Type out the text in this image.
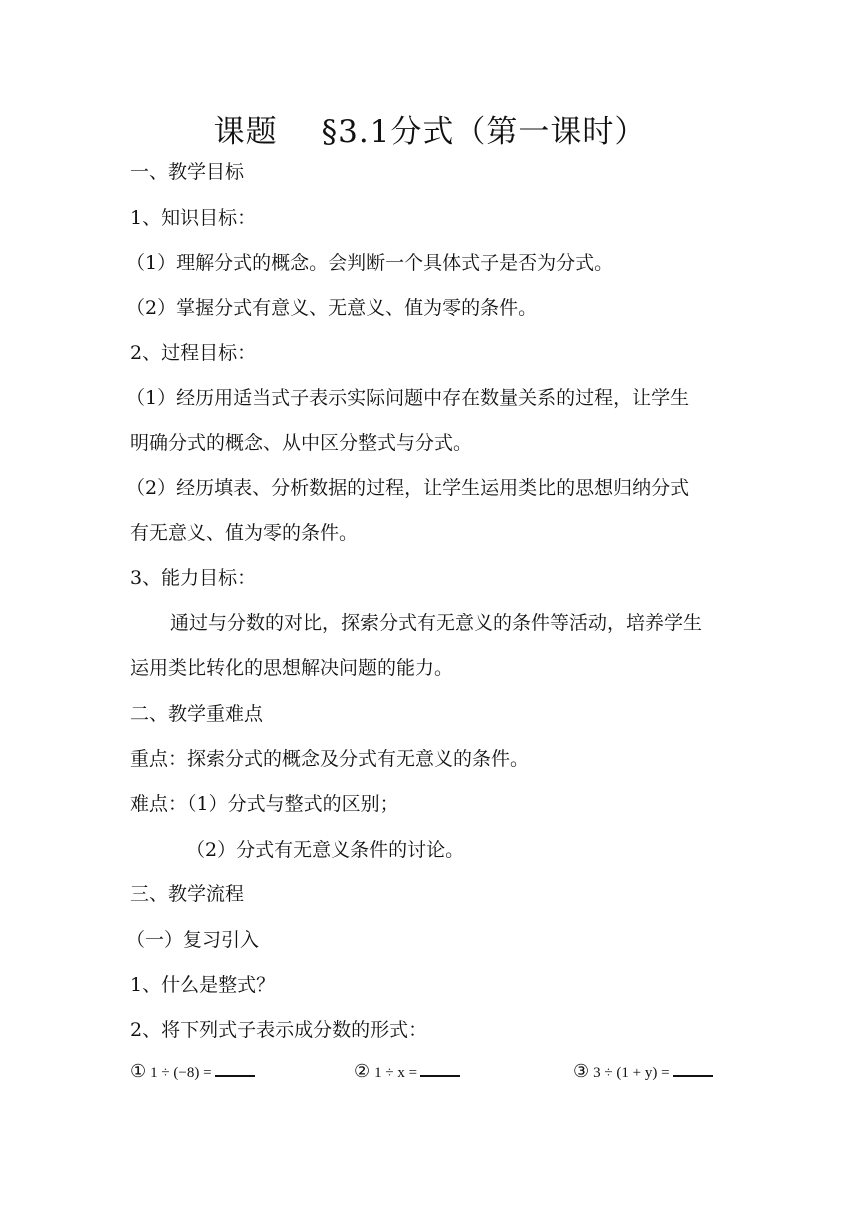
课题 §3.1分式（第一课时）
一、教学目标
1、知识目标：
（1）理解分式的概念。会判断一个具体式子是否为分式。
（2）掌握分式有意义、无意义、值为零的条件。
2、过程目标：
（1）经历用适当式子表示实际问题中存在数量关系的过程，让学生
明确分式的概念、从中区分整式与分式。
（2）经历填表、分析数据的过程，让学生运用类比的思想归纳分式
有无意义、值为零的条件。
3、能力目标：
通过与分数的对比，探索分式有无意义的条件等活动，培养学生
运用类比转化的思想解决问题的能力。
二、教学重难点
重点：探索分式的概念及分式有无意义的条件。
难点：（1）分式与整式的区别；
（2）分式有无意义条件的讨论。
三、教学流程
（一）复习引入
1、什么是整式？
2、将下列式子表示成分数的形式：
① 1 ÷ (−8) =	② 1 ÷ x =	③ 3 ÷ (1 + y) =
